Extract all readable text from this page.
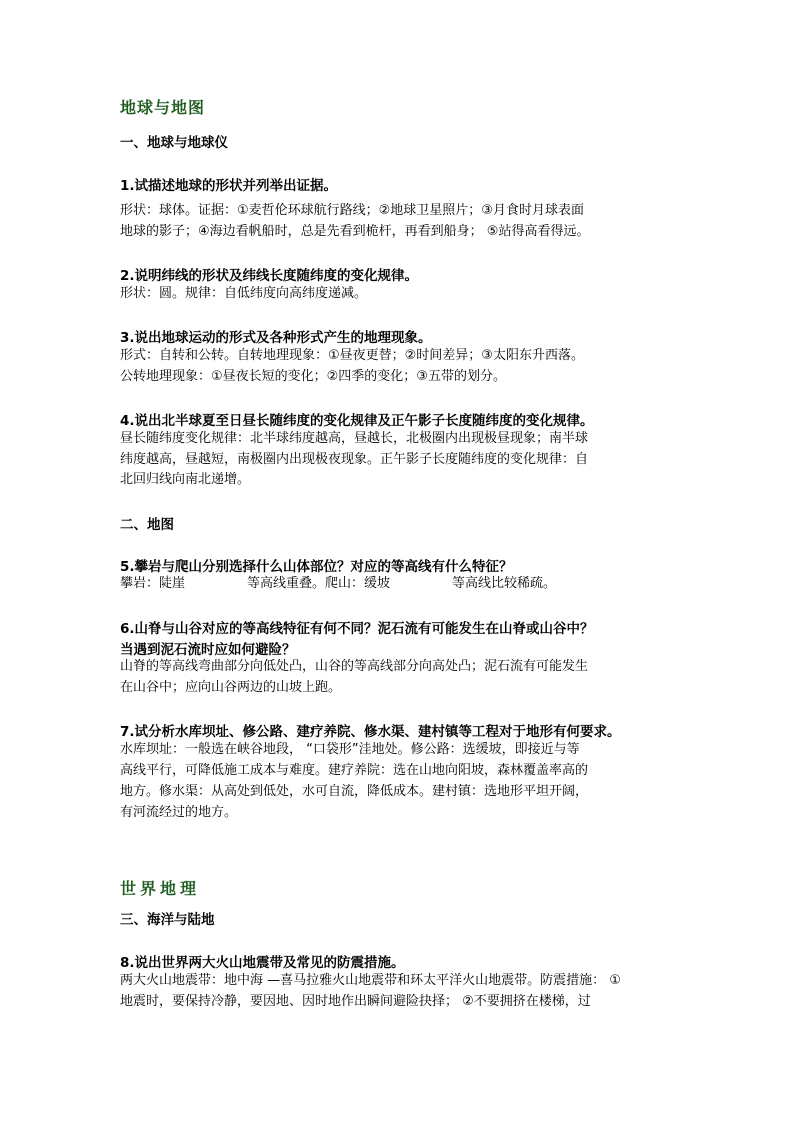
地球与地图
一、地球与地球仪
1.试描述地球的形状并列举出证据。
形状：球体。证据：①麦哲伦环球航行路线；②地球卫星照片；③月食时月球表面
地球的影子；④海边看帆船时，总是先看到桅杆，再看到船身； ⑤站得高看得远。
2.说明纬线的形状及纬线长度随纬度的变化规律。
形状：圆。规律：自低纬度向高纬度递减。
3.说出地球运动的形式及各种形式产生的地理现象。
形式：自转和公转。自转地理现象：①昼夜更替；②时间差异；③太阳东升西落。
公转地理现象：①昼夜长短的变化；②四季的变化；③五带的划分。
4.说出北半球夏至日昼长随纬度的变化规律及正午影子长度随纬度的变化规律。
昼长随纬度变化规律：北半球纬度越高，昼越长，北极圈内出现极昼现象；南半球
纬度越高，昼越短，南极圈内出现极夜现象。正午影子长度随纬度的变化规律：自
北回归线向南北递增。
二、地图
5.攀岩与爬山分别选择什么山体部位？对应的等高线有什么特征？
攀岩：陡崖	等高线重叠。爬山：缓坡	等高线比较稀疏。
6.山脊与山谷对应的等高线特征有何不同？泥石流有可能发生在山脊或山谷中？
当遇到泥石流时应如何避险？
山脊的等高线弯曲部分向低处凸，山谷的等高线部分向高处凸；泥石流有可能发生
在山谷中；应向山谷两边的山坡上跑。
7.试分析水库坝址、修公路、建疗养院、修水渠、建村镇等工程对于地形有何要求。
水库坝址：一般选在峡谷地段， “口袋形”洼地处。修公路：选缓坡，即接近与等
高线平行，可降低施工成本与难度。建疗养院：选在山地向阳坡，森林覆盖率高的
地方。修水渠：从高处到低处，水可自流，降低成本。建村镇：选地形平坦开阔，
有河流经过的地方。
世界地理
三、海洋与陆地
8.说出世界两大火山地震带及常见的防震措施。
两大火山地震带：地中海 —喜马拉雅火山地震带和环太平洋火山地震带。防震措施： ①
地震时，要保持冷静，要因地、因时地作出瞬间避险抉择； ②不要拥挤在楼梯，过
